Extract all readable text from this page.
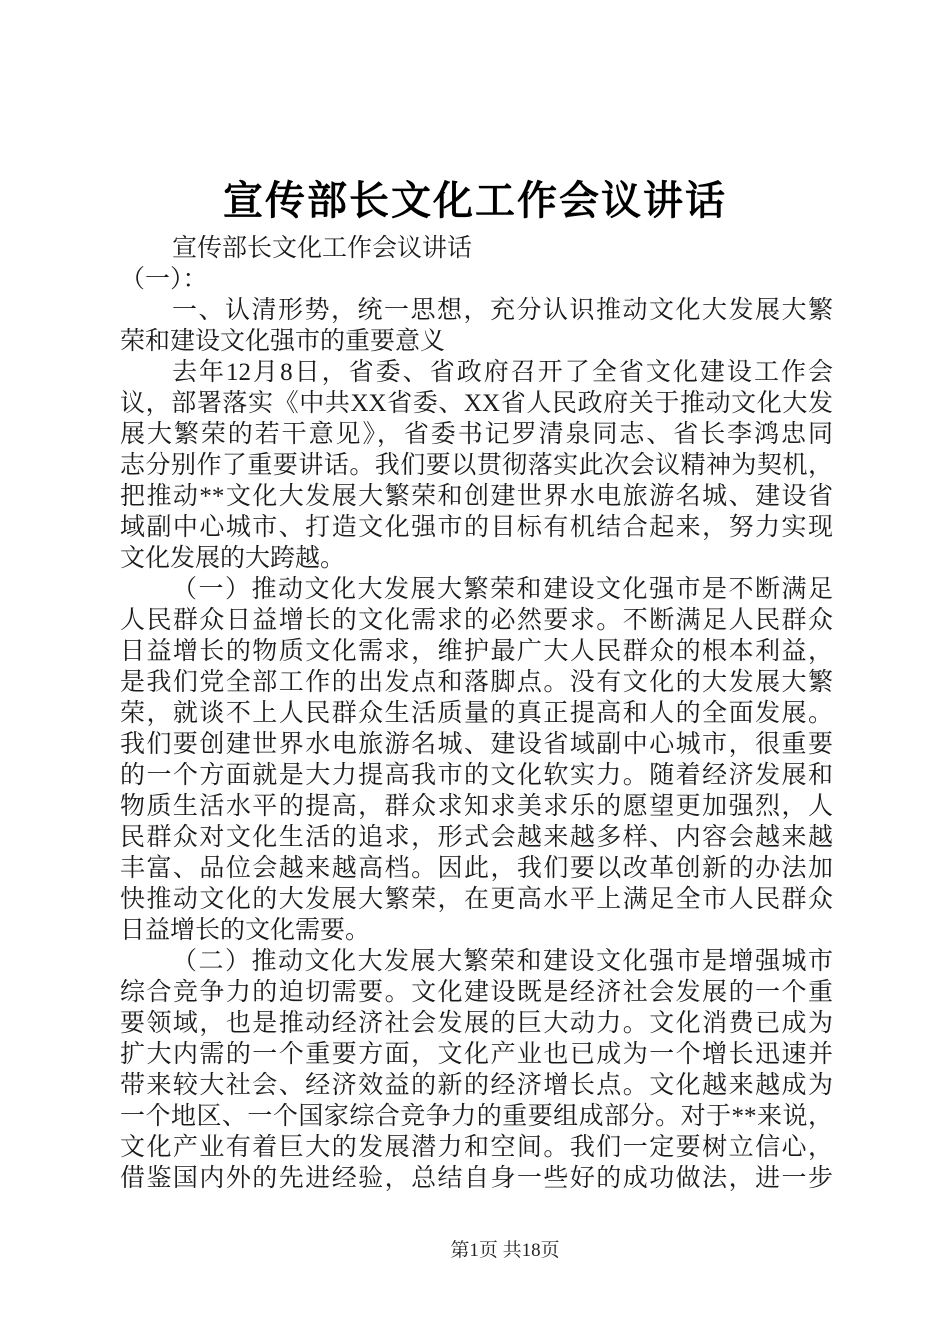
宣传部长文化工作会议讲话
宣传部长文化工作会议讲话
（一）：
一、认清形势，统一思想，充分认识推动文化大发展大繁
荣和建设文化强市的重要意义
去年12月8日，省委、省政府召开了全省文化建设工作会
议，部署落实《中共XX省委、XX省人民政府关于推动文化大发
展大繁荣的若干意见》，省委书记罗清泉同志、省长李鸿忠同
志分别作了重要讲话。我们要以贯彻落实此次会议精神为契机，
把推动**文化大发展大繁荣和创建世界水电旅游名城、建设省
域副中心城市、打造文化强市的目标有机结合起来，努力实现
文化发展的大跨越。
（一）推动文化大发展大繁荣和建设文化强市是不断满足
人民群众日益增长的文化需求的必然要求。不断满足人民群众
日益增长的物质文化需求，维护最广大人民群众的根本利益，
是我们党全部工作的出发点和落脚点。没有文化的大发展大繁
荣，就谈不上人民群众生活质量的真正提高和人的全面发展。
我们要创建世界水电旅游名城、建设省域副中心城市，很重要
的一个方面就是大力提高我市的文化软实力。随着经济发展和
物质生活水平的提高，群众求知求美求乐的愿望更加强烈，人
民群众对文化生活的追求，形式会越来越多样、内容会越来越
丰富、品位会越来越高档。因此，我们要以改革创新的办法加
快推动文化的大发展大繁荣，在更高水平上满足全市人民群众
日益增长的文化需要。
（二）推动文化大发展大繁荣和建设文化强市是增强城市
综合竞争力的迫切需要。文化建设既是经济社会发展的一个重
要领域，也是推动经济社会发展的巨大动力。文化消费已成为
扩大内需的一个重要方面，文化产业也已成为一个增长迅速并
带来较大社会、经济效益的新的经济增长点。文化越来越成为
一个地区、一个国家综合竞争力的重要组成部分。对于**来说，
文化产业有着巨大的发展潜力和空间。我们一定要树立信心，
借鉴国内外的先进经验，总结自身一些好的成功做法，进一步
第1页 共18页
